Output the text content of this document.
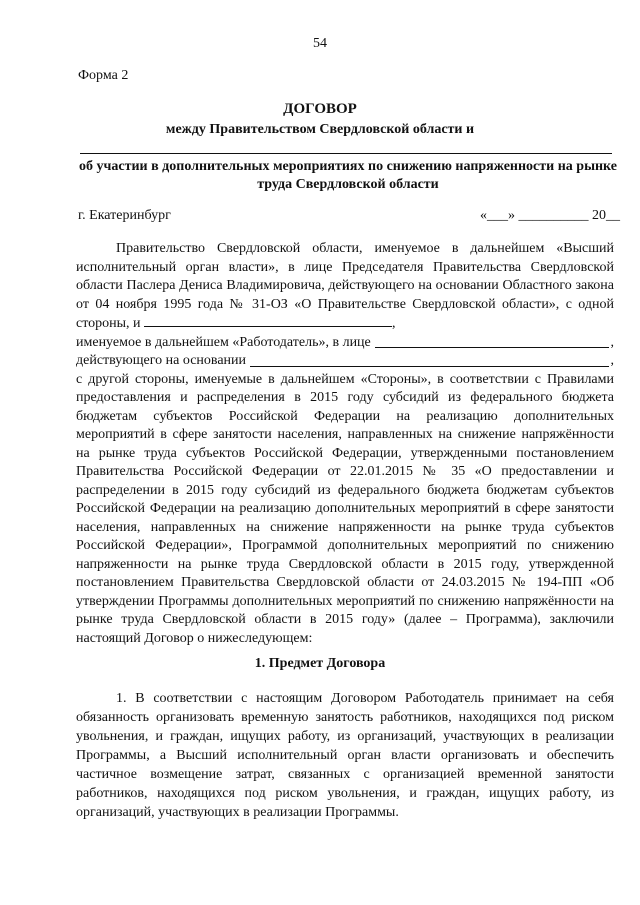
54
Форма 2
ДОГОВОР
между Правительством Свердловской области и
об участии в дополнительных мероприятиях по снижению напряженности на рынке труда Свердловской области
г. Екатеринбург	«___» __________ 20__

Правительство Свердловской области, именуемое в дальнейшем «Высший исполнительный орган власти», в лице Председателя Правительства Свердловской области Паслера Дениса Владимировича, действующего на основании Областного закона от 04 ноября 1995 года № 31-ОЗ «О Правительстве Свердловской области», с одной стороны, и	,

именуемое в дальнейшем «Работодатель», в лице	,
действующего на основании	,

с другой стороны, именуемые в дальнейшем «Стороны», в соответствии с Правилами предоставления и распределения в 2015 году субсидий из федерального бюджета бюджетам субъектов Российской Федерации на реализацию дополнительных мероприятий в сфере занятости населения, направленных на снижение напряжённости на рынке труда субъектов Российской Федерации, утвержденными постановлением Правительства Российской Федерации от 22.01.2015 № 35 «О предоставлении и распределении в 2015 году субсидий из федерального бюджета бюджетам субъектов Российской Федерации на реализацию дополнительных мероприятий в сфере занятости населения, направленных на снижение напряженности на рынке труда субъектов Российской Федерации», Программой дополнительных мероприятий по снижению напряженности на рынке труда Свердловской области в 2015 году, утвержденной постановлением Правительства Свердловской области от 24.03.2015 № 194-ПП «Об утверждении Программы дополнительных мероприятий по снижению напряжённости на рынке труда Свердловской области в 2015 году» (далее – Программа), заключили настоящий Договор о нижеследующем:

1. Предмет Договора

1. В соответствии с настоящим Договором Работодатель принимает на себя обязанность организовать временную занятость работников, находящихся под риском увольнения, и граждан, ищущих работу, из организаций, участвующих в реализации Программы, а Высший исполнительный орган власти организовать и обеспечить частичное возмещение затрат, связанных с организацией временной занятости работников, находящихся под риском увольнения, и граждан, ищущих работу, из организаций, участвующих в реализации Программы.
